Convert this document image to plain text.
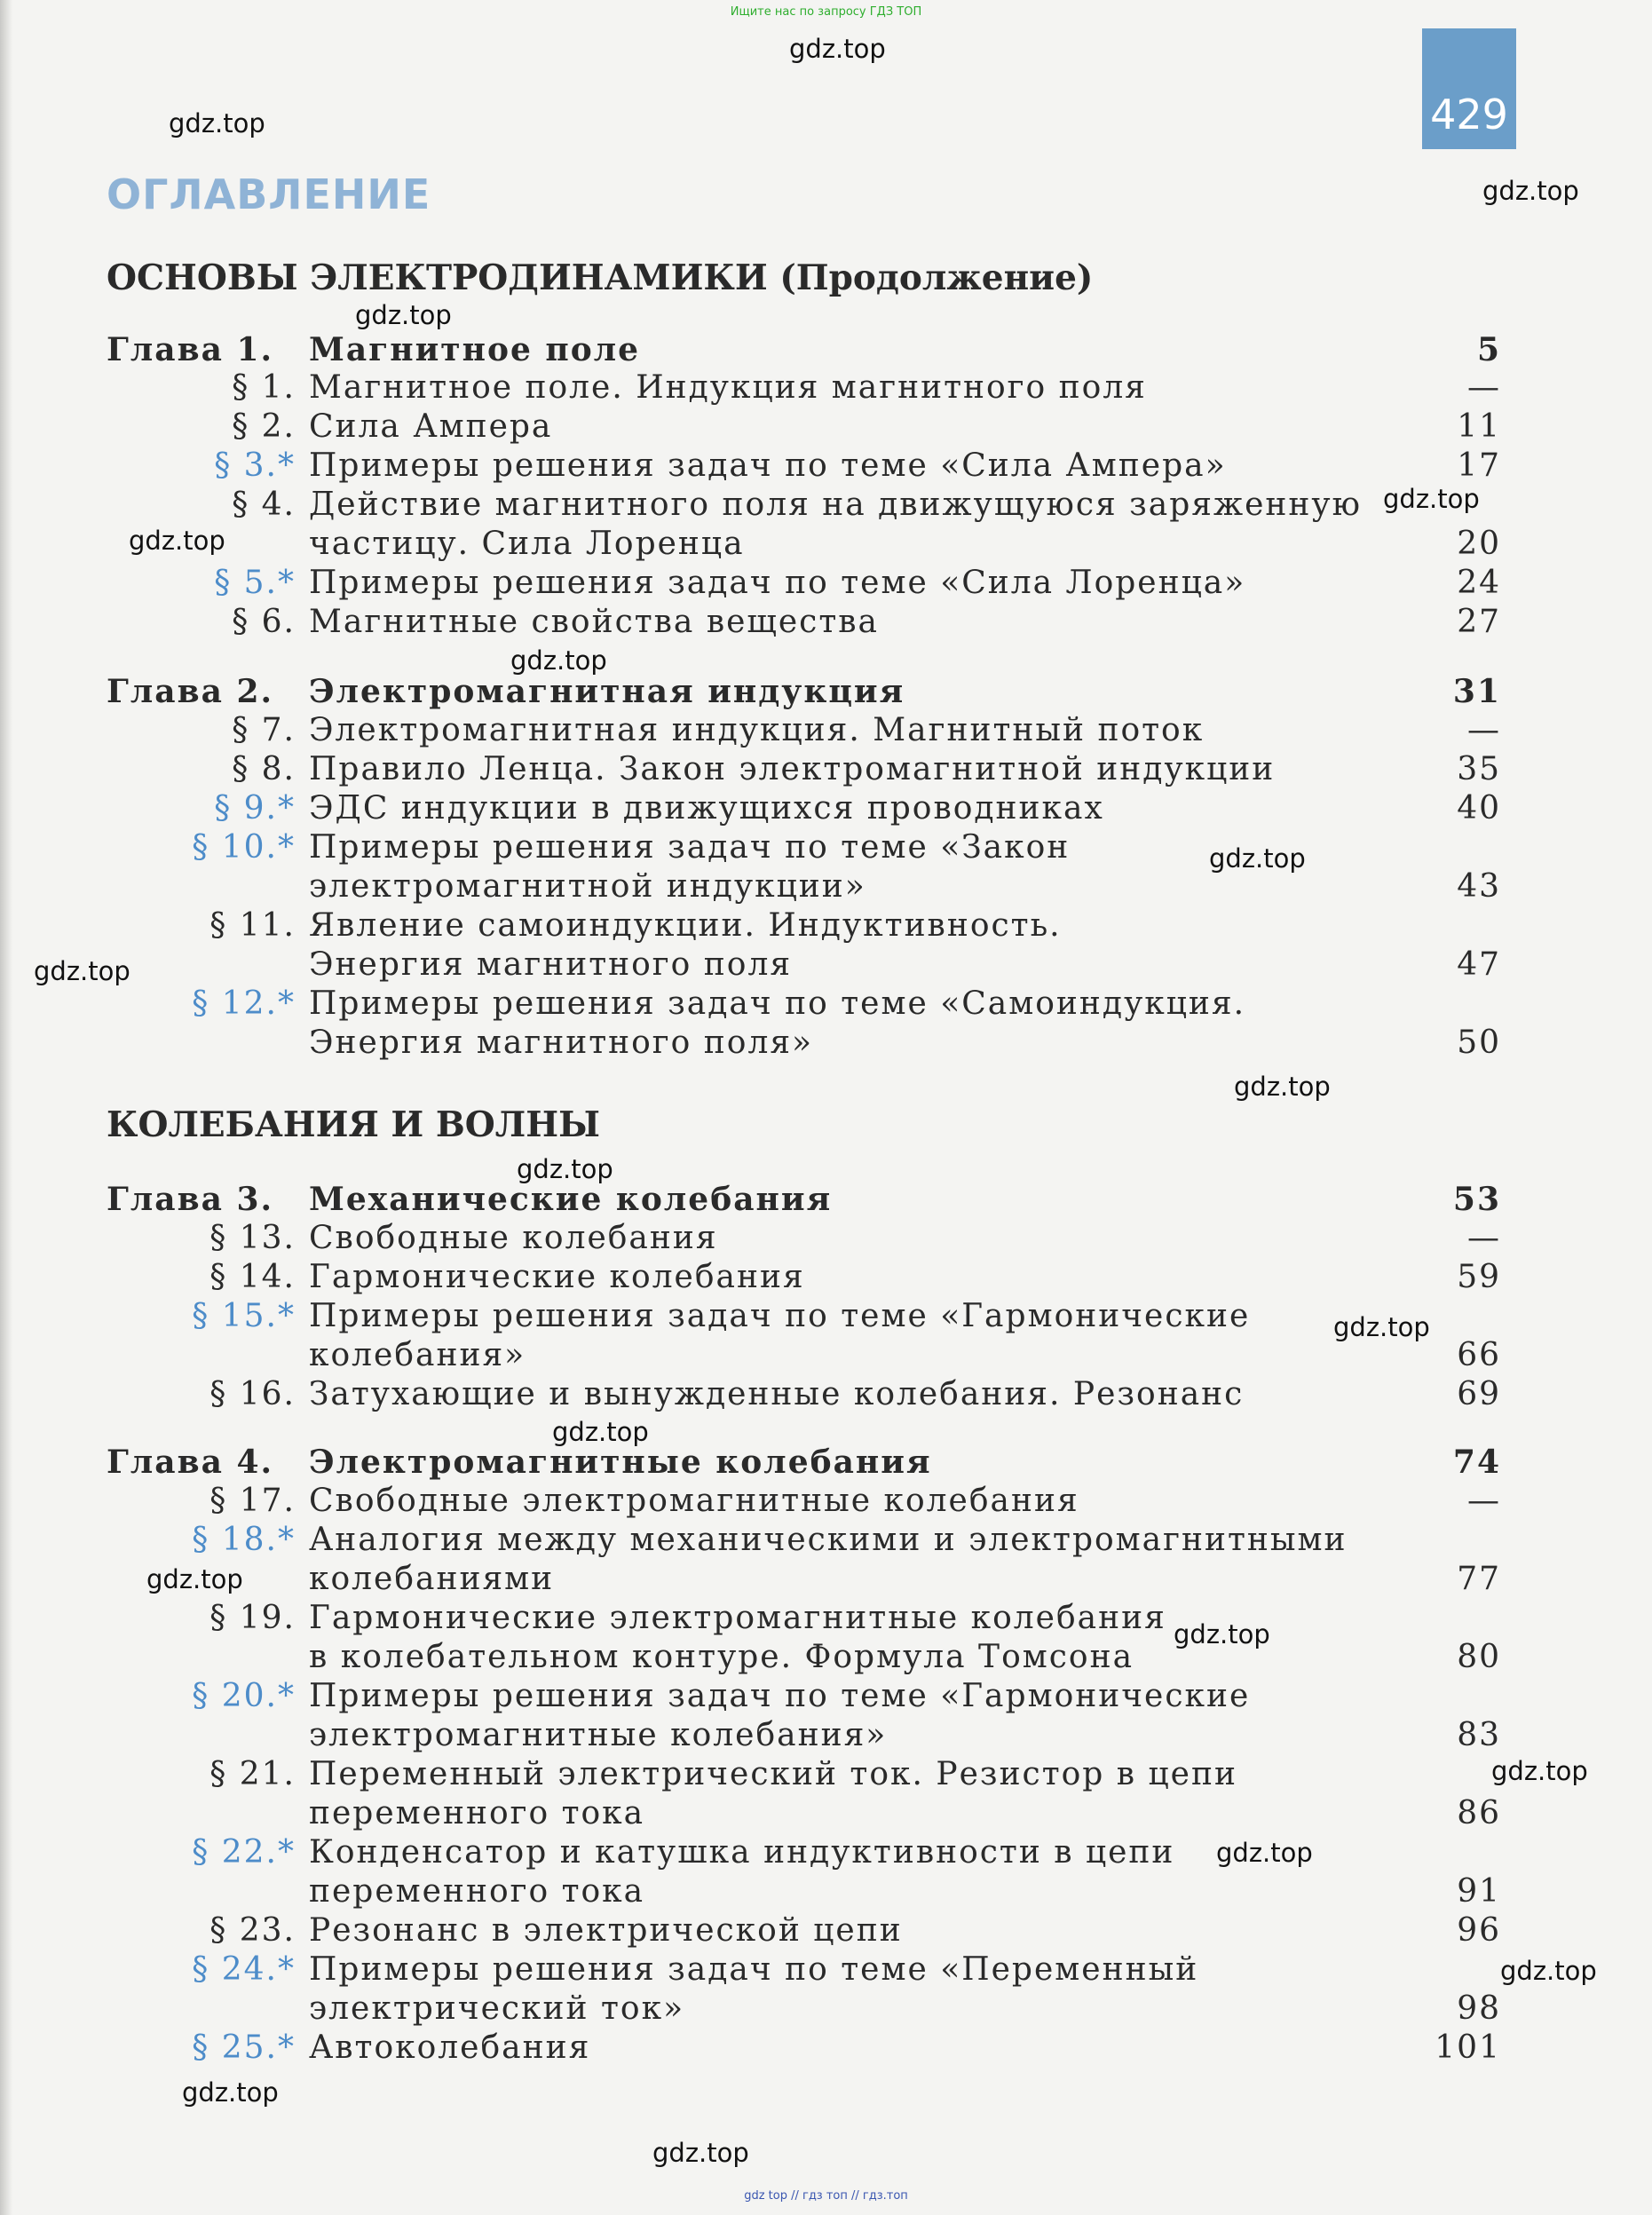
Ищите нас по запросу ГДЗ ТОП
429
ОГЛАВЛЕНИЕ
ОСНОВЫ ЭЛЕКТРОДИНАМИКИ (Продолжение)
КОЛЕБАНИЯ И ВОЛНЫ
Глава 1. Магнитное поле	5
§ 1. Магнитное поле. Индукция магнитного поля	—
§ 2. Сила Ампера	11
§ 3.* Примеры решения задач по теме «Сила Ампера»	17
§ 4. Действие магнитного поля на движущуюся заряженную
частицу. Сила Лоренца	20
§ 5.* Примеры решения задач по теме «Сила Лоренца»	24
§ 6. Магнитные свойства вещества	27
Глава 2. Электромагнитная индукция	31
§ 7. Электромагнитная индукция. Магнитный поток	—
§ 8. Правило Ленца. Закон электромагнитной индукции	35
§ 9.* ЭДС индукции в движущихся проводниках	40
§ 10.* Примеры решения задач по теме «Закон
электромагнитной индукции»	43
§ 11. Явление самоиндукции. Индуктивность.
Энергия магнитного поля	47
§ 12.* Примеры решения задач по теме «Самоиндукция.
Энергия магнитного поля»	50
Глава 3. Механические колебания	53
§ 13. Свободные колебания	—
§ 14. Гармонические колебания	59
§ 15.* Примеры решения задач по теме «Гармонические
колебания»	66
§ 16. Затухающие и вынужденные колебания. Резонанс	69
Глава 4. Электромагнитные колебания	74
§ 17. Свободные электромагнитные колебания	—
§ 18.* Аналогия между механическими и электромагнитными
колебаниями	77
§ 19. Гармонические электромагнитные колебания
в колебательном контуре. Формула Томсона	80
§ 20.* Примеры решения задач по теме «Гармонические
электромагнитные колебания»	83
§ 21. Переменный электрический ток. Резистор в цепи
переменного тока	86
§ 22.* Конденсатор и катушка индуктивности в цепи
переменного тока	91
§ 23. Резонанс в электрической цепи	96
§ 24.* Примеры решения задач по теме «Переменный
электрический ток»	98
§ 25.* Автоколебания	101
gdz.top
gdz.top
gdz.top
gdz.top
gdz.top
gdz.top
gdz.top
gdz.top
gdz.top
gdz.top
gdz.top
gdz.top
gdz.top
gdz.top
gdz.top
gdz.top
gdz.top
gdz.top
gdz.top
gdz.top
gdz top // гдз топ // гдз.топ
